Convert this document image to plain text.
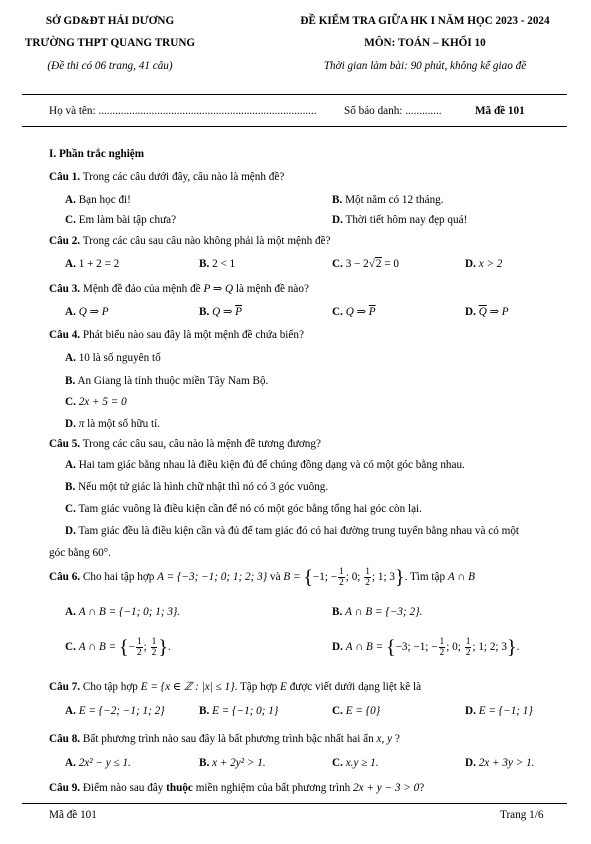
SỞ GD&ĐT HẢI DƯƠNG
TRƯỜNG THPT QUANG TRUNG
(Đề thi có 06 trang, 41 câu)
ĐỀ KIỂM TRA GIỮA HK I NĂM HỌC 2023 - 2024
MÔN: TOÁN – KHỐI 10
Thời gian làm bài: 90 phút, không kể giao đề
Họ và tên: .............................................................................. Số báo danh: .............	Mã đề 101
I. Phần trắc nghiệm
Câu 1. Trong các câu dưới đây, câu nào là mệnh đề?
A. Bạn học đi!	B. Một năm có 12 tháng.
C. Em làm bài tập chưa?	D. Thời tiết hôm nay đẹp quá!
Câu 2. Trong các câu sau câu nào không phải là một mệnh đề?
A. 1 + 2 = 2	B. 2 < 1	C. 3 − 2√2 = 0	D. x > 2
Câu 3. Mệnh đề đảo của mệnh đề P ⇒ Q là mệnh đề nào?
A. Q ⇒ P	B. Q ⇒ $\overline{P}$	C. Q ⇒ $\overline{P}$	D. $\overline{Q}$ ⇒ P
Câu 4. Phát biểu nào sau đây là một mệnh đề chứa biến?
A. 10 là số nguyên tố
B. An Giang là tỉnh thuộc miền Tây Nam Bộ.
C. 2x + 5 = 0
D. π là một số hữu tỉ.
Câu 5. Trong các câu sau, câu nào là mệnh đề tương đương?
A. Hai tam giác bằng nhau là điều kiện đủ để chúng đồng dạng và có một góc bằng nhau.
B. Nếu một tứ giác là hình chữ nhật thì nó có 3 góc vuông.
C. Tam giác vuông là điều kiện cần để nó có một góc bằng tổng hai góc còn lại.
D. Tam giác đều là điều kiện cần và đủ để tam giác đó có hai đường trung tuyến bằng nhau và có một
góc bằng 60°.
Câu 6. Cho hai tập hợp A = {−3; −1; 0; 1; 2; 3} và B = {−1; − $\frac{1}{2}$ ; 0; $\frac{1}{2}$ ; 1; 3}. Tìm tập A ∩ B
A. A ∩ B = {−1; 0; 1; 3}.	B. A ∩ B = {−3; 2}.
C. A ∩ B = {− $\frac{1}{2}$ ; $\frac{1}{2}$ }.	D. A ∩ B = {−3; −1; − $\frac{1}{2}$ ; 0; $\frac{1}{2}$ ; 1; 2; 3}.
Câu 7. Cho tập hợp E = {x ∈ ℤ : |x| ≤ 1}. Tập hợp E được viết dưới dạng liệt kê là
A. E = {−2; −1; 1; 2}	B. E = {−1; 0; 1}	C. E = {0}	D. E = {−1; 1}
Câu 8. Bất phương trình nào sau đây là bất phương trình bậc nhất hai ẩn x, y ?
A. 2x² − y ≤ 1.	B. x + 2y² > 1.	C. x.y ≥ 1.	D. 2x + 3y > 1.
Câu 9. Điểm nào sau đây thuộc miền nghiệm của bất phương trình 2x + y − 3 > 0?
Mã đề 101	Trang 1/6
